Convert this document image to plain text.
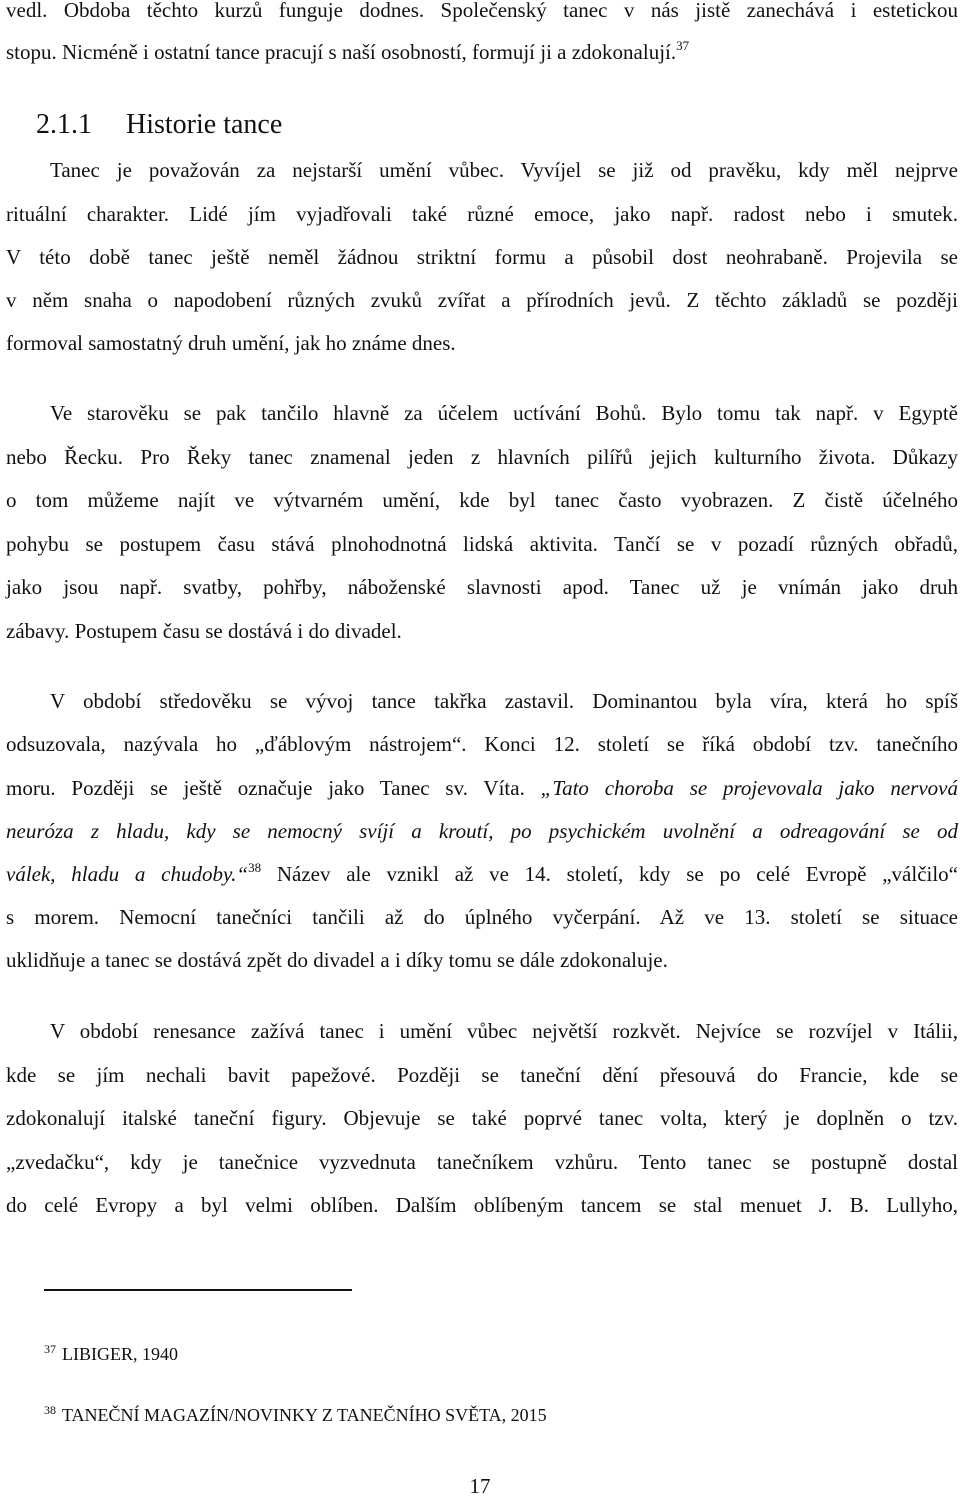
vedl. Obdoba těchto kurzů funguje dodnes. Společenský tanec v nás jistě zanechává i estetickou
stopu. Nicméně i ostatní tance pracují s naší osobností, formují ji a zdokonalují.$^{37}$
2.1.1 Historie tance
Tanec je považován za nejstarší umění vůbec. Vyvíjel se již od pravěku, kdy měl nejprve
rituální charakter. Lidé jím vyjadřovali také různé emoce, jako např. radost nebo i smutek.
V této době tanec ještě neměl žádnou striktní formu a působil dost neohrabaně. Projevila se
v něm snaha o napodobení různých zvuků zvířat a přírodních jevů. Z těchto základů se později
formoval samostatný druh umění, jak ho známe dnes.
Ve starověku se pak tančilo hlavně za účelem uctívání Bohů. Bylo tomu tak např. v Egyptě
nebo Řecku. Pro Řeky tanec znamenal jeden z hlavních pilířů jejich kulturního života. Důkazy
o tom můžeme najít ve výtvarném umění, kde byl tanec často vyobrazen. Z čistě účelného
pohybu se postupem času stává plnohodnotná lidská aktivita. Tančí se v pozadí různých obřadů,
jako jsou např. svatby, pohřby, náboženské slavnosti apod. Tanec už je vnímán jako druh
zábavy. Postupem času se dostává i do divadel.
V období středověku se vývoj tance takřka zastavil. Dominantou byla víra, která ho spíš
odsuzovala, nazývala ho „ďáblovým nástrojem“. Konci 12. století se říká období tzv. tanečního
moru. Později se ještě označuje jako Tanec sv. Víta. „Tato choroba se projevovala jako nervová
neuróza z hladu, kdy se nemocný svíjí a kroutí, po psychickém uvolnění a odreagování se od
válek, hladu a chudoby.“$^{38}$ Název ale vznikl až ve 14. století, kdy se po celé Evropě „válčilo“
s morem. Nemocní tanečníci tančili až do úplného vyčerpání. Až ve 13. století se situace
uklidňuje a tanec se dostává zpět do divadel a i díky tomu se dále zdokonaluje.
V období renesance zažívá tanec i umění vůbec největší rozkvět. Nejvíce se rozvíjel v Itálii,
kde se jím nechali bavit papežové. Později se taneční dění přesouvá do Francie, kde se
zdokonalují italské taneční figury. Objevuje se také poprvé tanec volta, který je doplněn o tzv.
„zvedačku“, kdy je tanečnice vyzvednuta tanečníkem vzhůru. Tento tanec se postupně dostal
do celé Evropy a byl velmi oblíben. Dalším oblíbeným tancem se stal menuet J. B. Lullyho,
$^{37}$ LIBIGER, 1940
$^{38}$ TANEČNÍ MAGAZÍN/NOVINKY Z TANEČNÍHO SVĚTA, 2015
17
